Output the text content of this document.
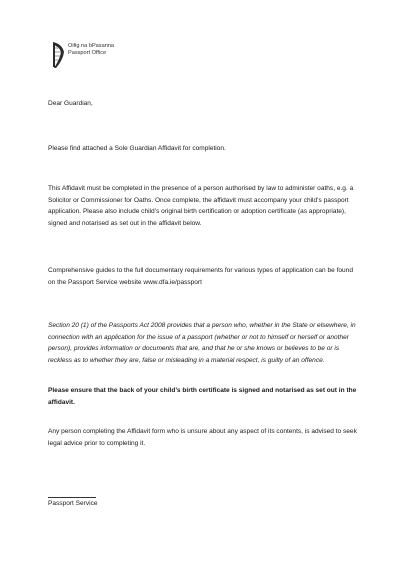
Oifig na bPasanna
Passport Office

Dear Guardian,

Please find attached a Sole Guardian Affidavit for completion.

This Affidavit must be completed in the presence of a person authorised by law to administer oaths, e.g. a Solicitor or Commissioner for Oaths. Once complete, the affidavit must accompany your child’s passport application. Please also include child’s original birth certification or adoption certificate (as appropriate), signed and notarised as set out in the affidavit below.

Comprehensive guides to the full documentary requirements for various types of application can be found on the Passport Service website www.dfa.ie/passport

Section 20 (1) of the Passports Act 2008 provides that a person who, whether in the State or elsewhere, in connection with an application for the issue of a passport (whether or not to himself or herself or another person), provides information or documents that are, and that he or she knows or believes to be or is reckless as to whether they are, false or misleading in a material respect, is guilty of an offence.

Please ensure that the back of your child’s birth certificate is signed and notarised as set out in the affidavit.

Any person completing the Affidavit form who is unsure about any aspect of its contents, is advised to seek legal advice prior to completing it.

Passport Service
